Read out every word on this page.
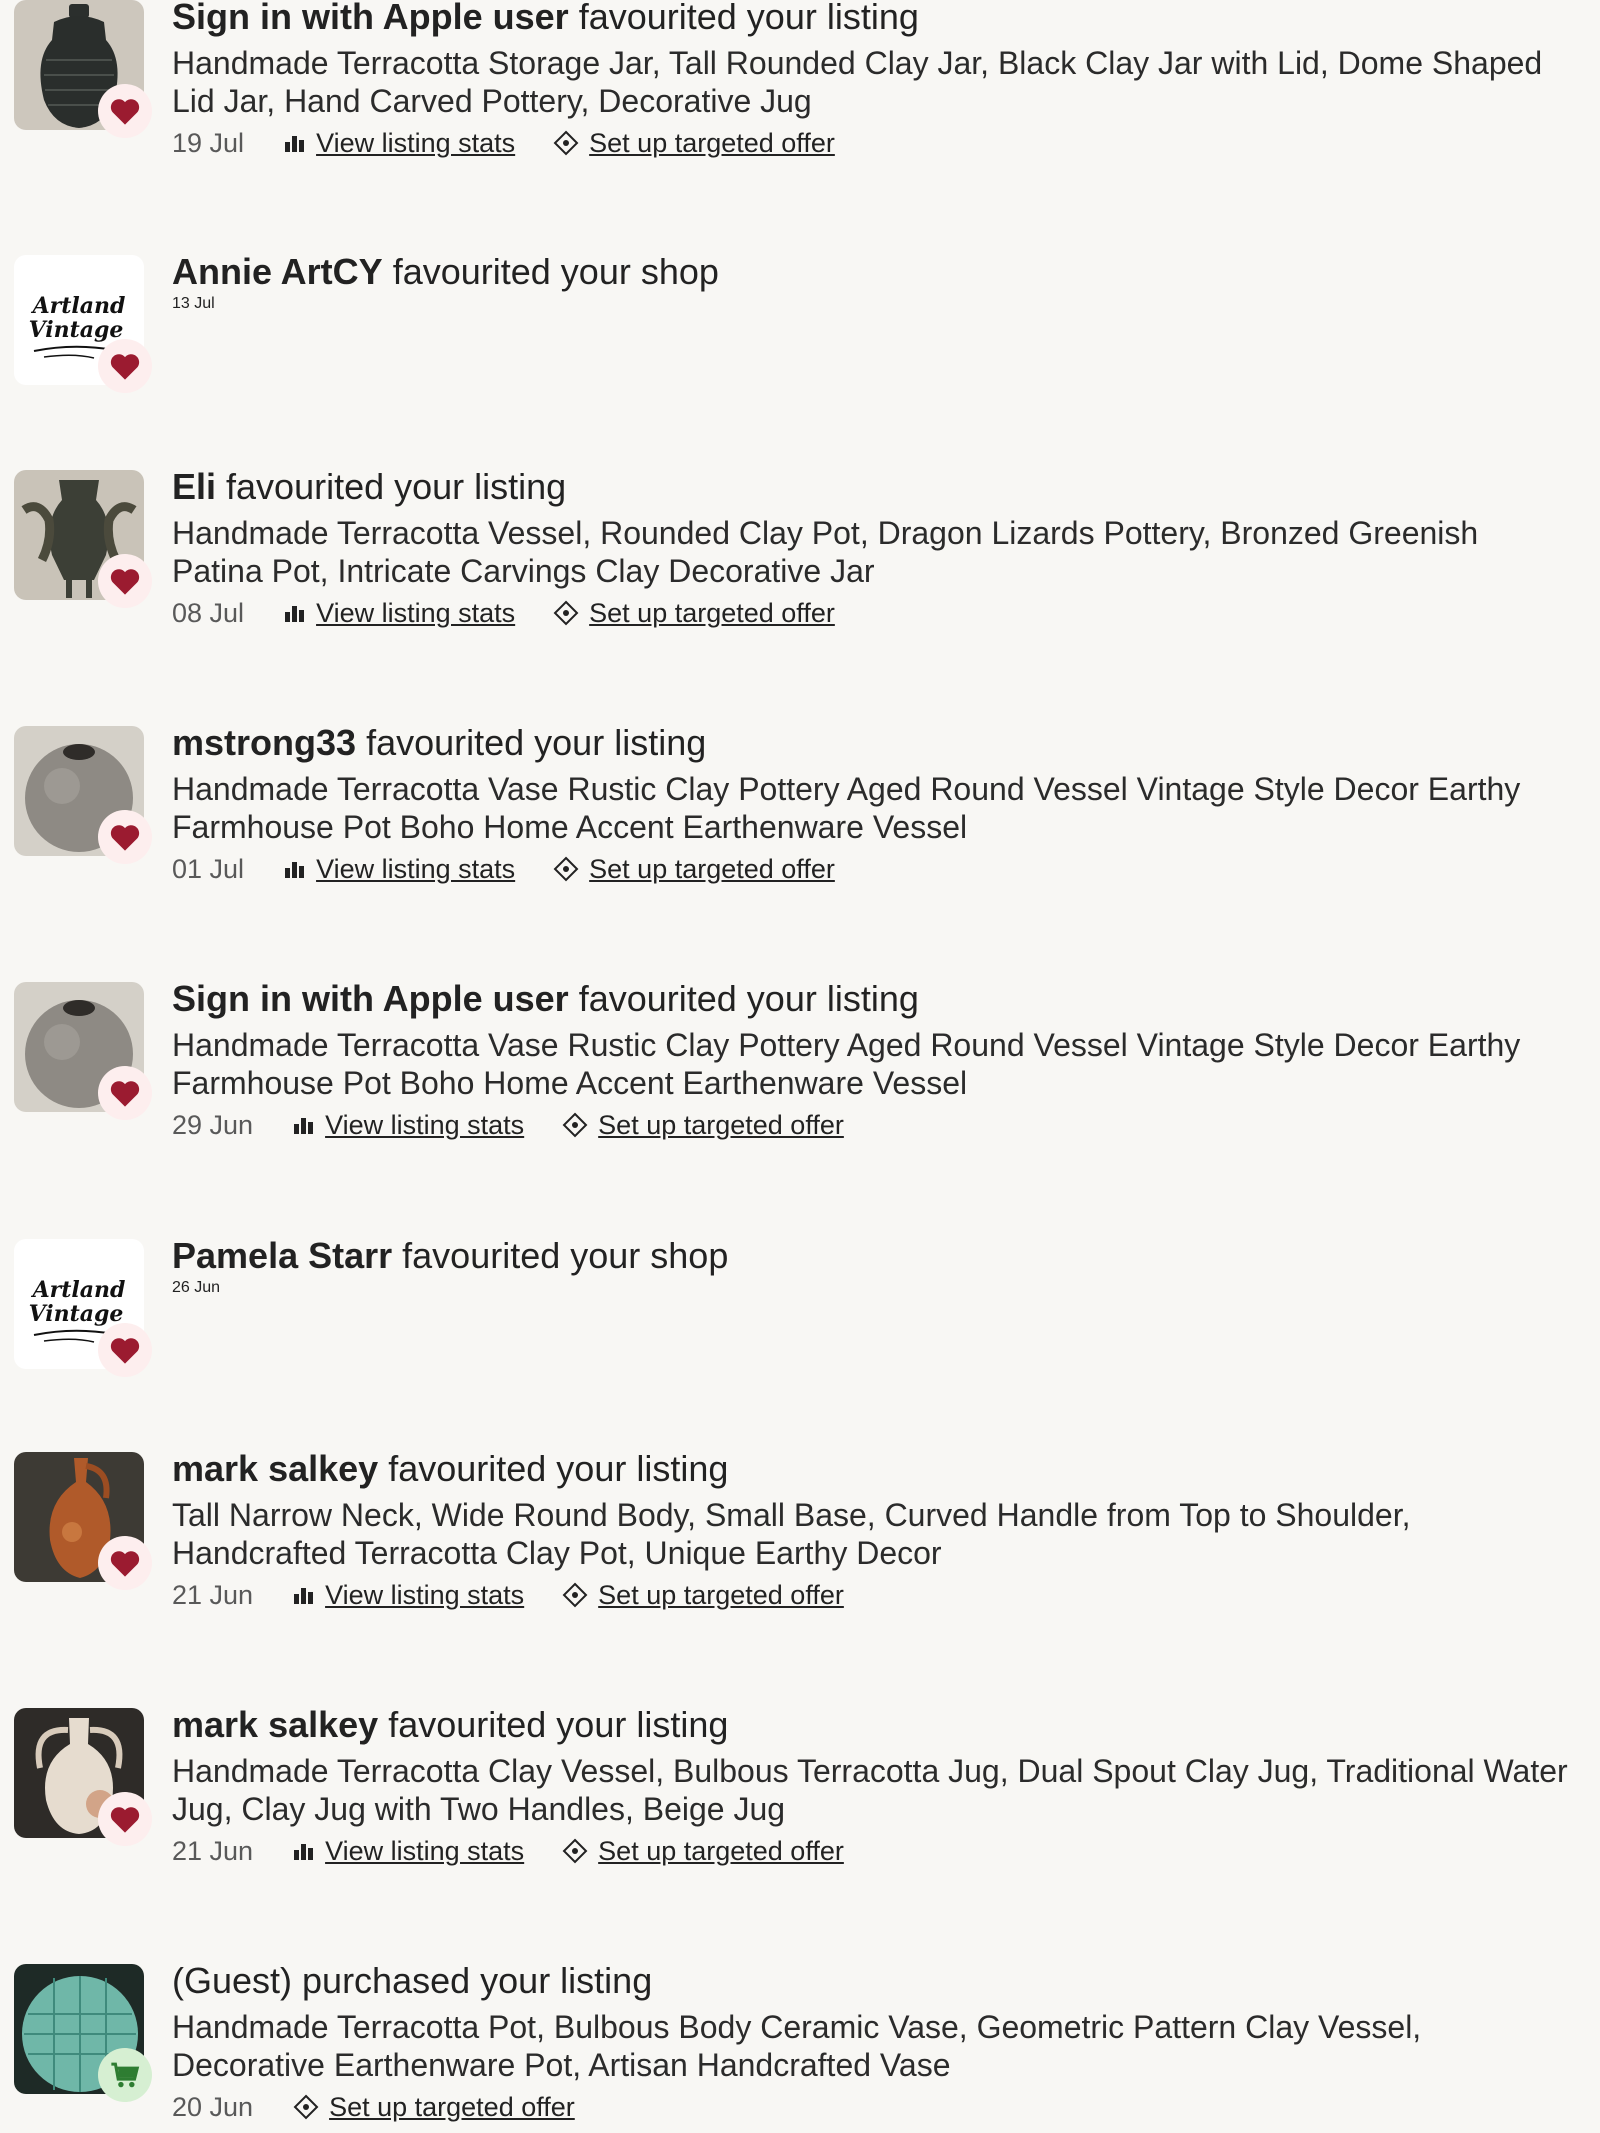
Sign in with Apple user favourited your listing
Handmade Terracotta Storage Jar, Tall Rounded Clay Jar, Black Clay Jar with Lid, Dome Shaped Lid Jar, Hand Carved Pottery, Decorative Jug
19 Jul	View listing stats	Set up targeted offer
Artland
Vintage
Annie ArtCY favourited your shop
13 Jul
Eli favourited your listing
Handmade Terracotta Vessel, Rounded Clay Pot, Dragon Lizards Pottery, Bronzed Greenish Patina Pot, Intricate Carvings Clay Decorative Jar
08 Jul	View listing stats	Set up targeted offer
mstrong33 favourited your listing
Handmade Terracotta Vase Rustic Clay Pottery Aged Round Vessel Vintage Style Decor Earthy Farmhouse Pot Boho Home Accent Earthenware Vessel
01 Jul	View listing stats	Set up targeted offer
Sign in with Apple user favourited your listing
Handmade Terracotta Vase Rustic Clay Pottery Aged Round Vessel Vintage Style Decor Earthy Farmhouse Pot Boho Home Accent Earthenware Vessel
29 Jun	View listing stats	Set up targeted offer
Artland
Vintage
Pamela Starr favourited your shop
26 Jun
mark salkey favourited your listing
Tall Narrow Neck, Wide Round Body, Small Base, Curved Handle from Top to Shoulder, Handcrafted Terracotta Clay Pot, Unique Earthy Decor
21 Jun	View listing stats	Set up targeted offer
mark salkey favourited your listing
Handmade Terracotta Clay Vessel, Bulbous Terracotta Jug, Dual Spout Clay Jug, Traditional Water Jug, Clay Jug with Two Handles, Beige Jug
21 Jun	View listing stats	Set up targeted offer
(Guest) purchased your listing
Handmade Terracotta Pot, Bulbous Body Ceramic Vase, Geometric Pattern Clay Vessel, Decorative Earthenware Pot, Artisan Handcrafted Vase
20 Jun	Set up targeted offer
